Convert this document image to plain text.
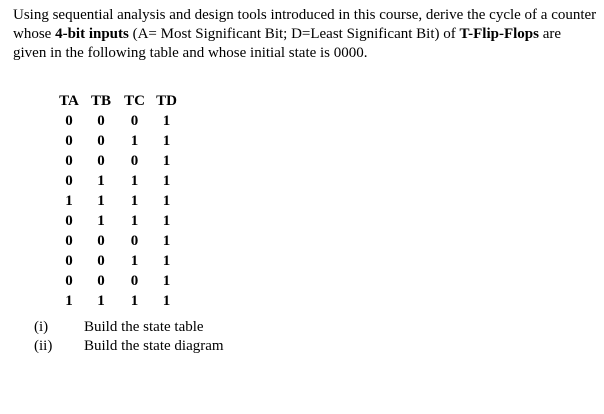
Using sequential analysis and design tools introduced in this course, derive the cycle of a counter whose 4-bit inputs (A= Most Significant Bit; D=Least Significant Bit) of T-Flip-Flops are given in the following table and whose initial state is 0000.

TA	TB	TC	TD
0	0	0	1
0	0	1	1
0	0	0	1
0	1	1	1
1	1	1	1
0	1	1	1
0	0	0	1
0	0	1	1
0	0	0	1
1	1	1	1
(i)	Build the state table
(ii)	Build the state diagram
